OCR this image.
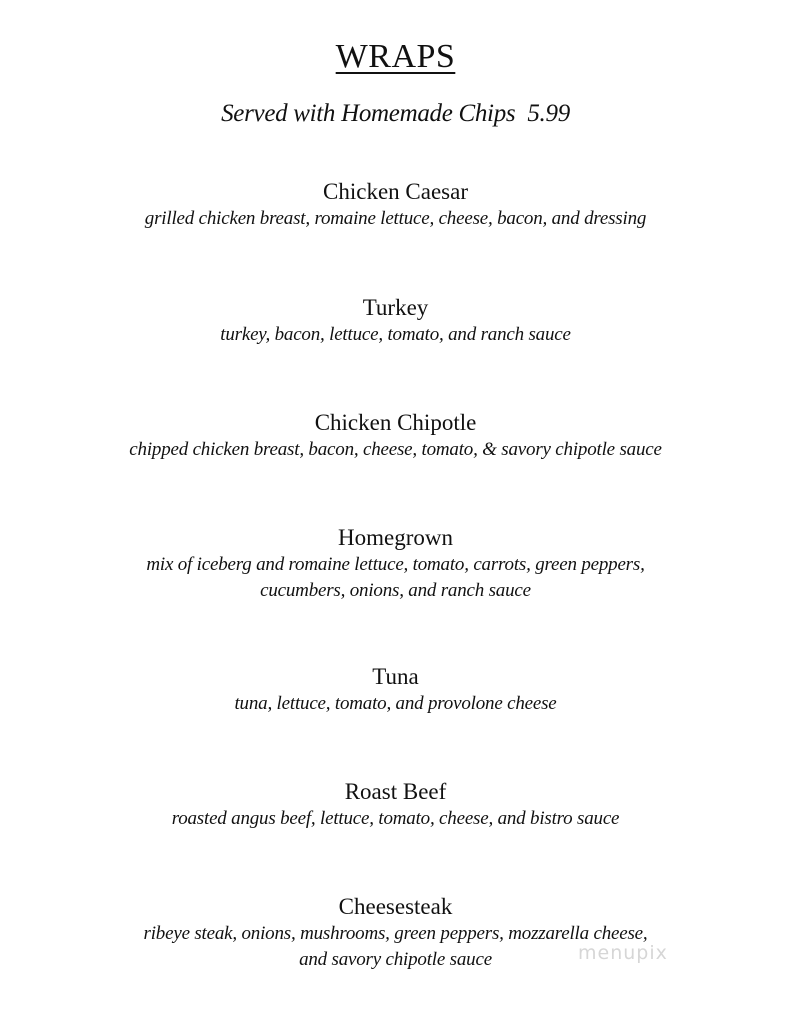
WRAPS
Served with Homemade Chips 5.99
Chicken Caesar
grilled chicken breast, romaine lettuce, cheese, bacon, and dressing
Turkey
turkey, bacon, lettuce, tomato, and ranch sauce
Chicken Chipotle
chipped chicken breast, bacon, cheese, tomato, & savory chipotle sauce
Homegrown
mix of iceberg and romaine lettuce, tomato, carrots, green peppers,
cucumbers, onions, and ranch sauce
Tuna
tuna, lettuce, tomato, and provolone cheese
Roast Beef
roasted angus beef, lettuce, tomato, cheese, and bistro sauce
Cheesesteak
ribeye steak, onions, mushrooms, green peppers, mozzarella cheese,
and savory chipotle sauce	menupix
